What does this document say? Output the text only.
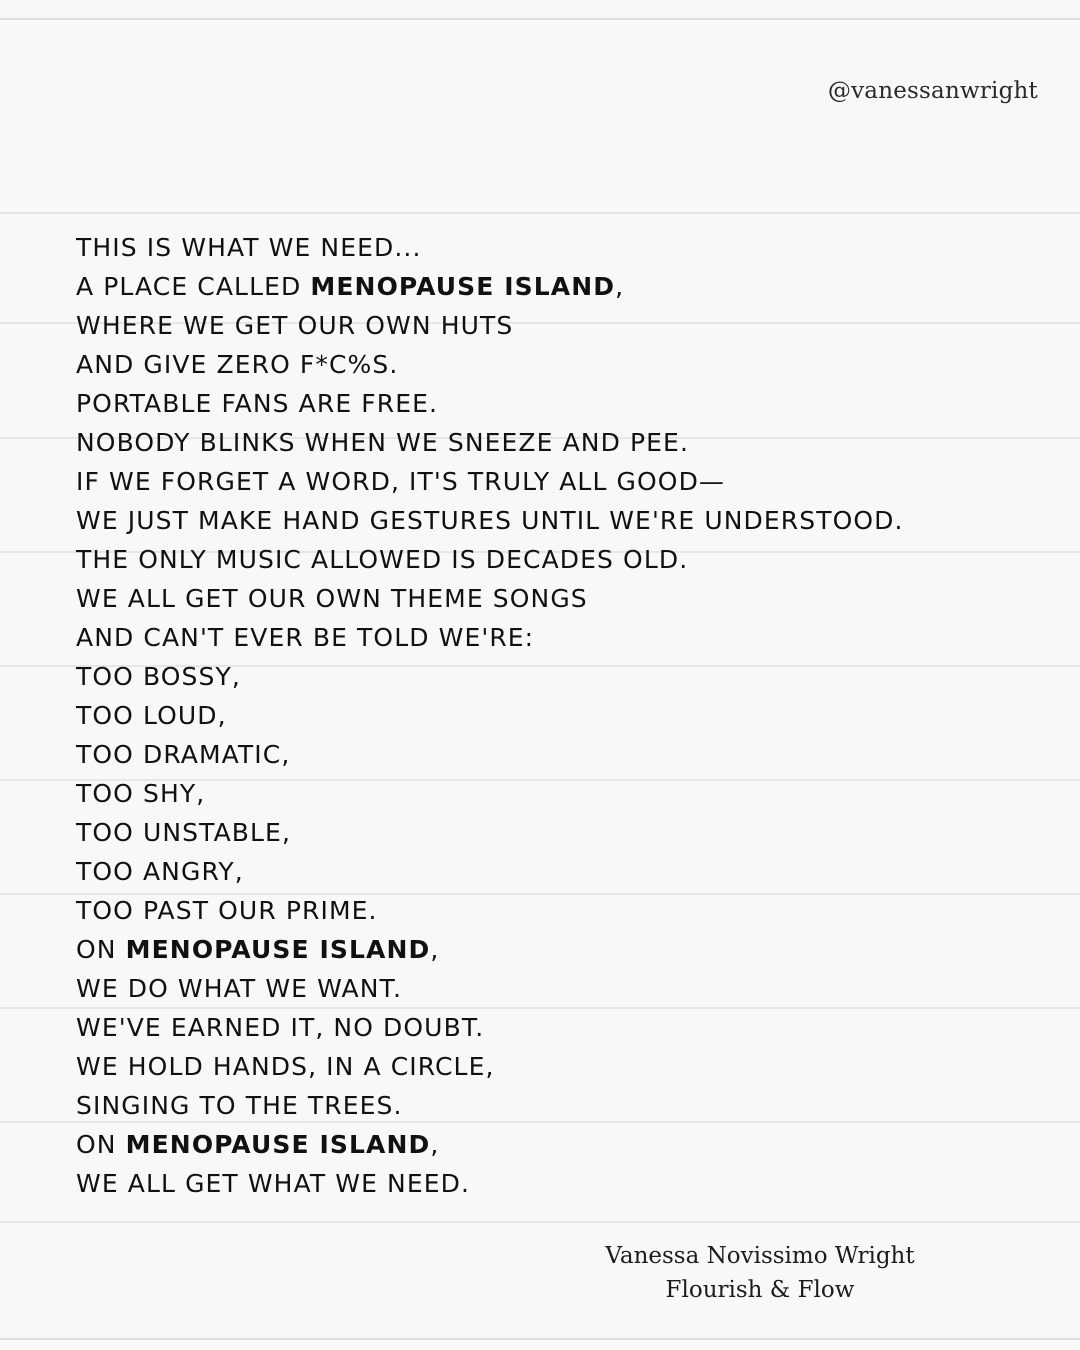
@vanessanwright
THIS IS WHAT WE NEED...
A PLACE CALLED MENOPAUSE ISLAND,
WHERE WE GET OUR OWN HUTS
AND GIVE ZERO F*C%S.
PORTABLE FANS ARE FREE.
NOBODY BLINKS WHEN WE SNEEZE AND PEE.
IF WE FORGET A WORD, IT'S TRULY ALL GOOD—
WE JUST MAKE HAND GESTURES UNTIL WE'RE UNDERSTOOD.
THE ONLY MUSIC ALLOWED IS DECADES OLD.
WE ALL GET OUR OWN THEME SONGS
AND CAN'T EVER BE TOLD WE'RE:
TOO BOSSY,
TOO LOUD,
TOO DRAMATIC,
TOO SHY,
TOO UNSTABLE,
TOO ANGRY,
TOO PAST OUR PRIME.
ON MENOPAUSE ISLAND,
WE DO WHAT WE WANT.
WE'VE EARNED IT, NO DOUBT.
WE HOLD HANDS, IN A CIRCLE,
SINGING TO THE TREES.
ON MENOPAUSE ISLAND,
WE ALL GET WHAT WE NEED.
Vanessa Novissimo Wright
Flourish & Flow
